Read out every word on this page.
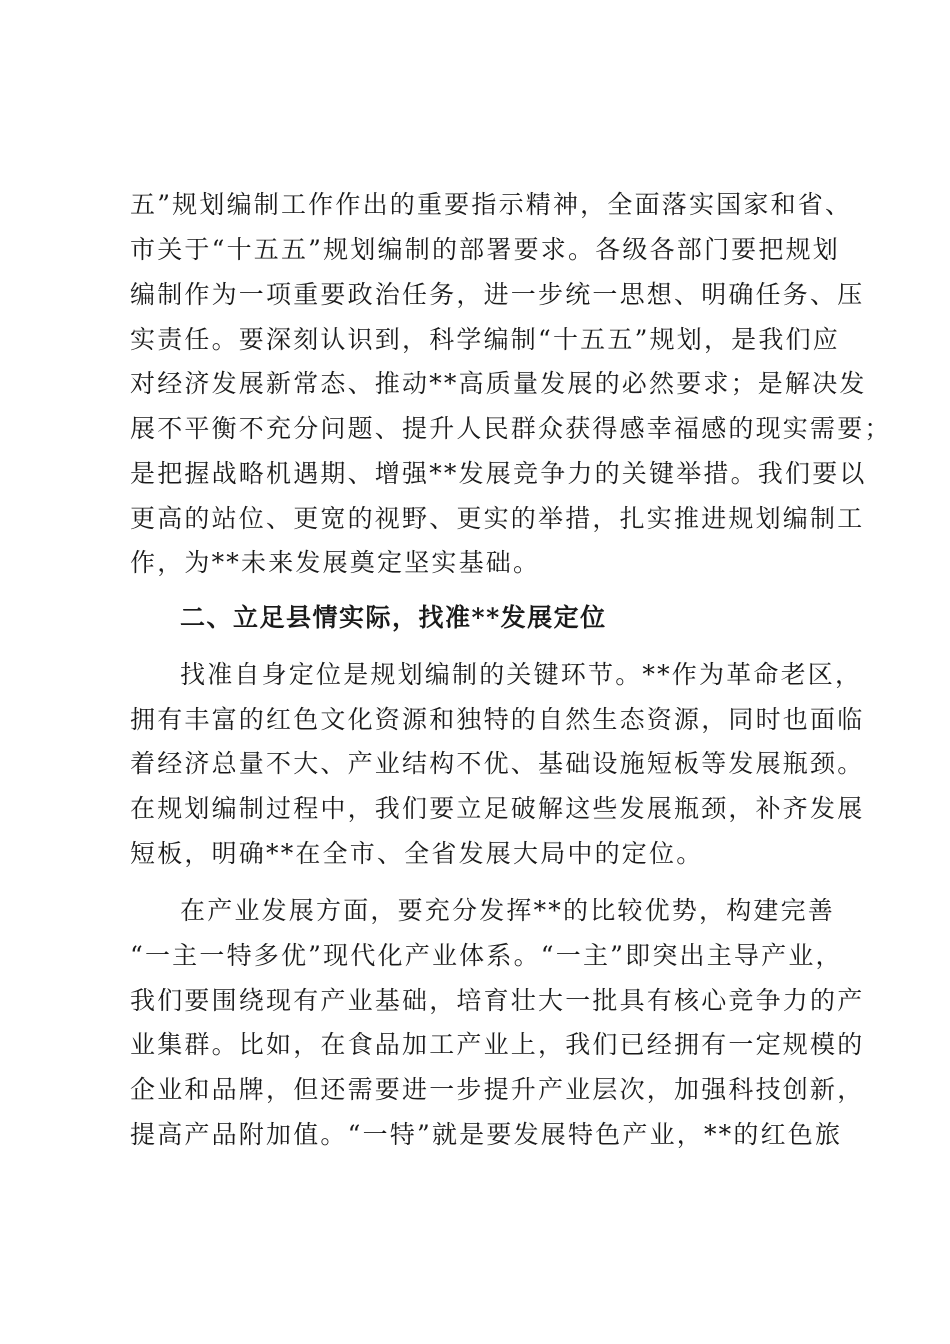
五”规划编制工作作出的重要指示精神，全面落实国家和省、
市关于“十五五”规划编制的部署要求。各级各部门要把规划
编制作为一项重要政治任务，进一步统一思想、明确任务、压
实责任。要深刻认识到，科学编制“十五五”规划，是我们应
对经济发展新常态、推动**高质量发展的必然要求；是解决发
展不平衡不充分问题、提升人民群众获得感幸福感的现实需要；
是把握战略机遇期、增强**发展竞争力的关键举措。我们要以
更高的站位、更宽的视野、更实的举措，扎实推进规划编制工
作，为**未来发展奠定坚实基础。
二、立足县情实际，找准**发展定位
找准自身定位是规划编制的关键环节。**作为革命老区，
拥有丰富的红色文化资源和独特的自然生态资源，同时也面临
着经济总量不大、产业结构不优、基础设施短板等发展瓶颈。
在规划编制过程中，我们要立足破解这些发展瓶颈，补齐发展
短板，明确**在全市、全省发展大局中的定位。
在产业发展方面，要充分发挥**的比较优势，构建完善
“一主一特多优”现代化产业体系。“一主”即突出主导产业，
我们要围绕现有产业基础，培育壮大一批具有核心竞争力的产
业集群。比如，在食品加工产业上，我们已经拥有一定规模的
企业和品牌，但还需要进一步提升产业层次，加强科技创新，
提高产品附加值。“一特”就是要发展特色产业，**的红色旅
